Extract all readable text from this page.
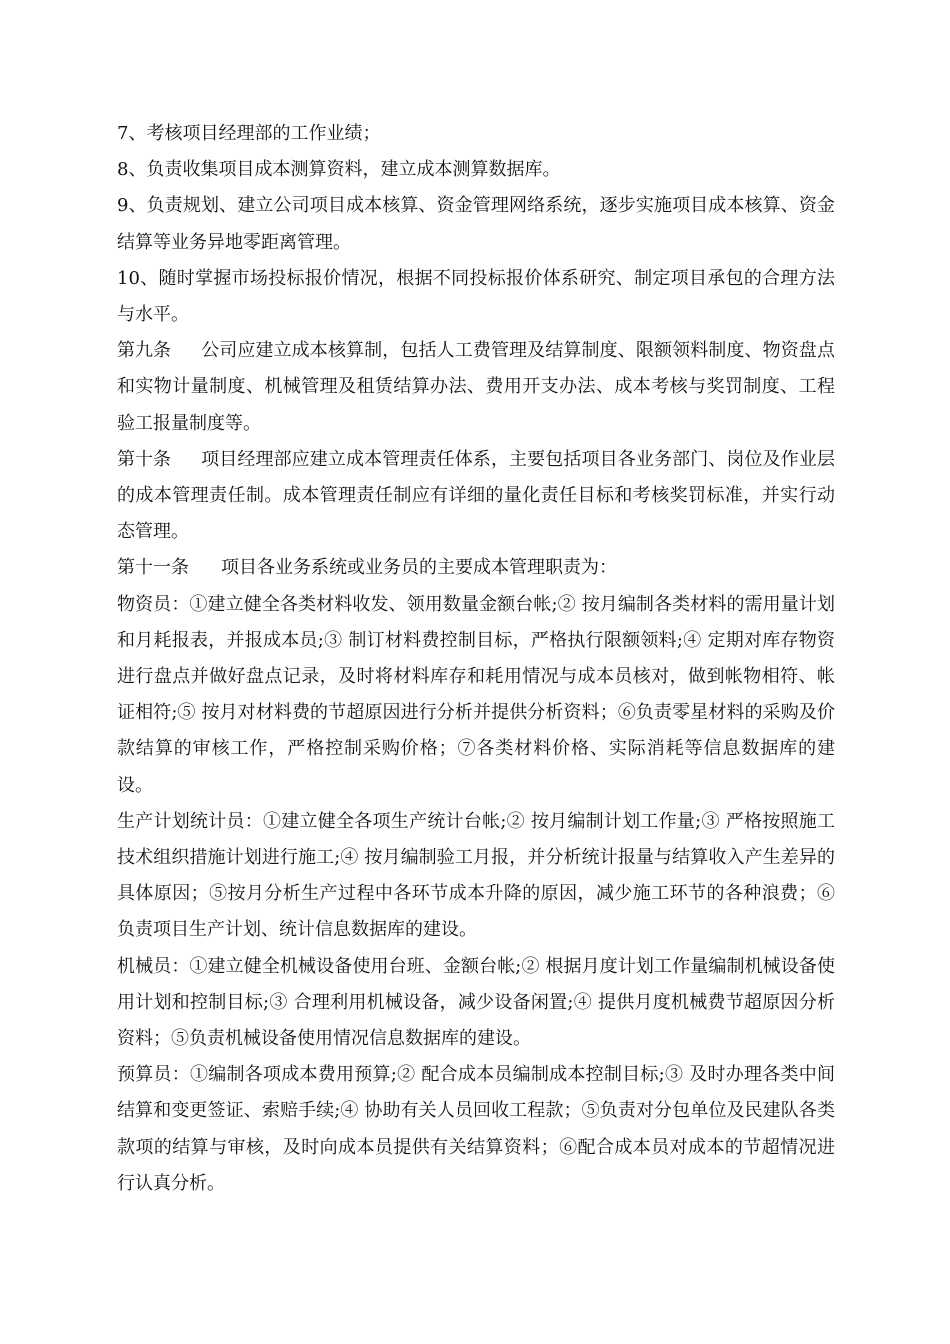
7、考核项目经理部的工作业绩；

8、负责收集项目成本测算资料，建立成本测算数据库。

9、负责规划、建立公司项目成本核算、资金管理网络系统，逐步实施项目成本核算、资金结算等业务异地零距离管理。

10、随时掌握市场投标报价情况，根据不同投标报价体系研究、制定项目承包的合理方法与水平。

第九条 公司应建立成本核算制，包括人工费管理及结算制度、限额领料制度、物资盘点和实物计量制度、机械管理及租赁结算办法、费用开支办法、成本考核与奖罚制度、工程验工报量制度等。

第十条 项目经理部应建立成本管理责任体系，主要包括项目各业务部门、岗位及作业层的成本管理责任制。成本管理责任制应有详细的量化责任目标和考核奖罚标准，并实行动态管理。

第十一条 项目各业务系统或业务员的主要成本管理职责为：

物资员：①建立健全各类材料收发、领用数量金额台帐;② 按月编制各类材料的需用量计划和月耗报表，并报成本员;③ 制订材料费控制目标，严格执行限额领料;④ 定期对库存物资进行盘点并做好盘点记录，及时将材料库存和耗用情况与成本员核对，做到帐物相符、帐证相符;⑤ 按月对材料费的节超原因进行分析并提供分析资料；⑥负责零星材料的采购及价款结算的审核工作，严格控制采购价格；⑦各类材料价格、实际消耗等信息数据库的建设。

生产计划统计员：①建立健全各项生产统计台帐;② 按月编制计划工作量;③ 严格按照施工技术组织措施计划进行施工;④ 按月编制验工月报，并分析统计报量与结算收入产生差异的具体原因；⑤按月分析生产过程中各环节成本升降的原因，减少施工环节的各种浪费；⑥负责项目生产计划、统计信息数据库的建设。

机械员：①建立健全机械设备使用台班、金额台帐;② 根据月度计划工作量编制机械设备使用计划和控制目标;③ 合理利用机械设备，减少设备闲置;④ 提供月度机械费节超原因分析资料；⑤负责机械设备使用情况信息数据库的建设。

预算员：①编制各项成本费用预算;② 配合成本员编制成本控制目标;③ 及时办理各类中间结算和变更签证、索赔手续;④ 协助有关人员回收工程款；⑤负责对分包单位及民建队各类款项的结算与审核，及时向成本员提供有关结算资料；⑥配合成本员对成本的节超情况进行认真分析。
